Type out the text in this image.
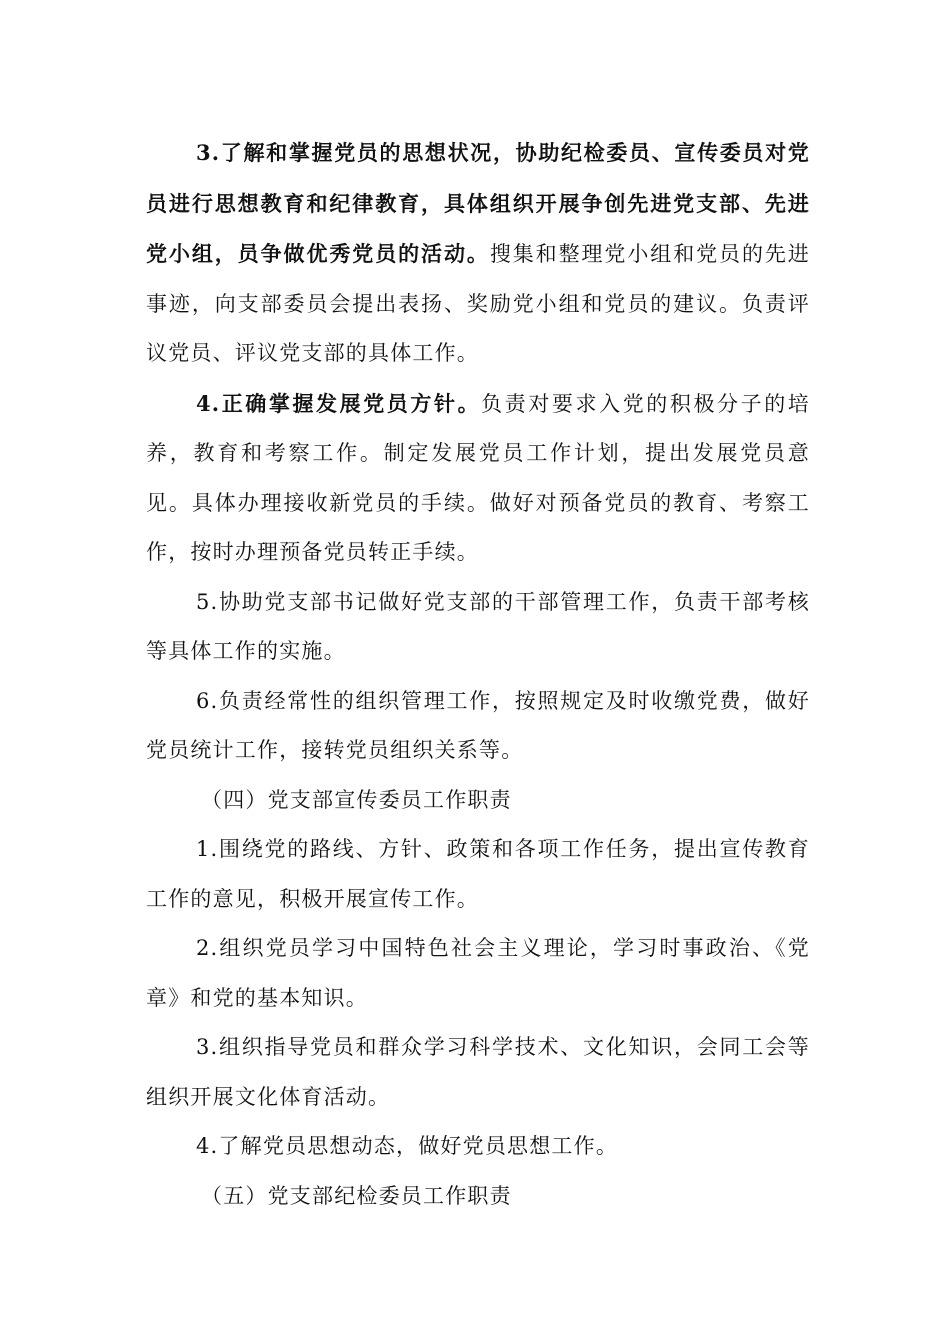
3.了解和掌握党员的思想状况，协助纪检委员、宣传委员对党员进行思想教育和纪律教育，具体组织开展争创先进党支部、先进党小组，员争做优秀党员的活动。搜集和整理党小组和党员的先进事迹，向支部委员会提出表扬、奖励党小组和党员的建议。负责评议党员、评议党支部的具体工作。

4.正确掌握发展党员方针。负责对要求入党的积极分子的培养，教育和考察工作。制定发展党员工作计划，提出发展党员意见。具体办理接收新党员的手续。做好对预备党员的教育、考察工作，按时办理预备党员转正手续。

5.协助党支部书记做好党支部的干部管理工作，负责干部考核等具体工作的实施。

6.负责经常性的组织管理工作，按照规定及时收缴党费，做好党员统计工作，接转党员组织关系等。

（四）党支部宣传委员工作职责

1.围绕党的路线、方针、政策和各项工作任务，提出宣传教育工作的意见，积极开展宣传工作。

2.组织党员学习中国特色社会主义理论，学习时事政治、《党章》和党的基本知识。

3.组织指导党员和群众学习科学技术、文化知识，会同工会等组织开展文化体育活动。

4.了解党员思想动态，做好党员思想工作。

（五）党支部纪检委员工作职责
